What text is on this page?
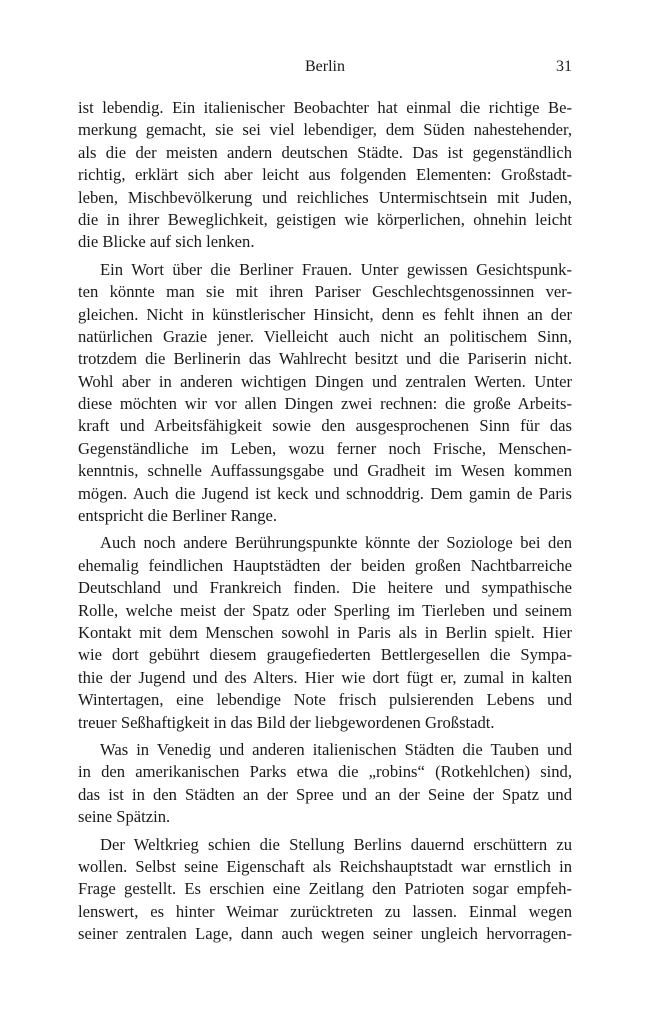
Berlin	31
ist lebendig. Ein italienischer Beobachter hat einmal die richtige Be-
merkung gemacht, sie sei viel lebendiger, dem Süden nahestehender,
als die der meisten andern deutschen Städte. Das ist gegenständlich
richtig, erklärt sich aber leicht aus folgenden Elementen: Großstadt-
leben, Mischbevölkerung und reichliches Untermischtsein mit Juden,
die in ihrer Beweglichkeit, geistigen wie körperlichen, ohnehin leicht
die Blicke auf sich lenken.
Ein Wort über die Berliner Frauen. Unter gewissen Gesichtspunk-
ten könnte man sie mit ihren Pariser Geschlechtsgenossinnen ver-
gleichen. Nicht in künstlerischer Hinsicht, denn es fehlt ihnen an der
natürlichen Grazie jener. Vielleicht auch nicht an politischem Sinn,
trotzdem die Berlinerin das Wahlrecht besitzt und die Pariserin nicht.
Wohl aber in anderen wichtigen Dingen und zentralen Werten. Unter
diese möchten wir vor allen Dingen zwei rechnen: die große Arbeits-
kraft und Arbeitsfähigkeit sowie den ausgesprochenen Sinn für das
Gegenständliche im Leben, wozu ferner noch Frische, Menschen-
kenntnis, schnelle Auffassungsgabe und Gradheit im Wesen kommen
mögen. Auch die Jugend ist keck und schnoddrig. Dem gamin de Paris
entspricht die Berliner Range.
Auch noch andere Berührungspunkte könnte der Soziologe bei den
ehemalig feindlichen Hauptstädten der beiden großen Nachtbarreiche
Deutschland und Frankreich finden. Die heitere und sympathische
Rolle, welche meist der Spatz oder Sperling im Tierleben und seinem
Kontakt mit dem Menschen sowohl in Paris als in Berlin spielt. Hier
wie dort gebührt diesem graugefiederten Bettlergesellen die Sympa-
thie der Jugend und des Alters. Hier wie dort fügt er, zumal in kalten
Wintertagen, eine lebendige Note frisch pulsierenden Lebens und
treuer Seßhaftigkeit in das Bild der liebgewordenen Großstadt.
Was in Venedig und anderen italienischen Städten die Tauben und
in den amerikanischen Parks etwa die „robins“ (Rotkehlchen) sind,
das ist in den Städten an der Spree und an der Seine der Spatz und
seine Spätzin.
Der Weltkrieg schien die Stellung Berlins dauernd erschüttern zu
wollen. Selbst seine Eigenschaft als Reichshauptstadt war ernstlich in
Frage gestellt. Es erschien eine Zeitlang den Patrioten sogar empfeh-
lenswert, es hinter Weimar zurücktreten zu lassen. Einmal wegen
seiner zentralen Lage, dann auch wegen seiner ungleich hervorragen-
